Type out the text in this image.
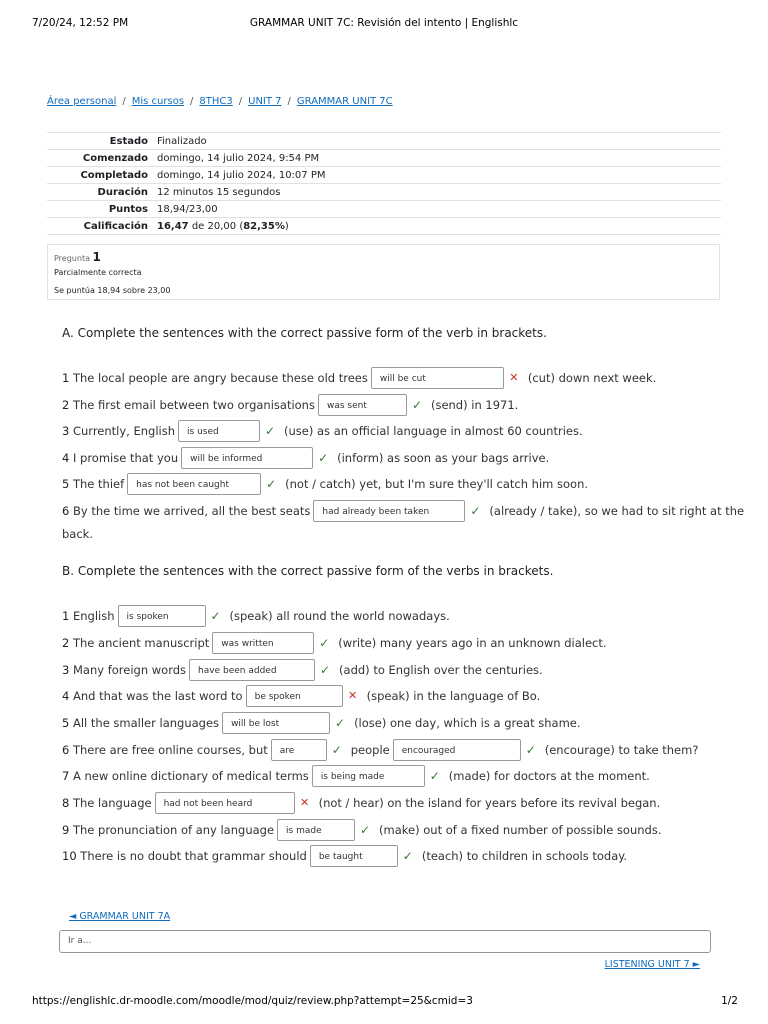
7/20/24, 12:52 PM	GRAMMAR UNIT 7C: Revisión del intento | Englishlc
Área personal / Mis cursos / 8THC3 / UNIT 7 / GRAMMAR UNIT 7C
Estado	Finalizado
Comenzado	domingo, 14 julio 2024, 9:54 PM
Completado	domingo, 14 julio 2024, 10:07 PM
Duración	12 minutos 15 segundos
Puntos	18,94/23,00
Calificación	16,47 de 20,00 (82,35%)
Pregunta 1
Parcialmente correcta
Se puntúa 18,94 sobre 23,00
A. Complete the sentences with the correct passive form of the verb in brackets.
1 The local people are angry because these old trees will be cut	✕ (cut) down next week.
2 The first email between two organisations was sent	✓ (send) in 1971.
3 Currently, English is used	✓ (use) as an official language in almost 60 countries.
4 I promise that you will be informed	✓ (inform) as soon as your bags arrive.
5 The thief has not been caught	✓ (not / catch) yet, but I'm sure they'll catch him soon.
6 By the time we arrived, all the best seats had already been taken	✓ (already / take), so we had to sit right at the
back.
B. Complete the sentences with the correct passive form of the verbs in brackets.
1 English is spoken	✓ (speak) all round the world nowadays.
2 The ancient manuscript was written	✓ (write) many years ago in an unknown dialect.
3 Many foreign words have been added	✓ (add) to English over the centuries.
4 And that was the last word to be spoken	✕ (speak) in the language of Bo.
5 All the smaller languages will be lost	✓ (lose) one day, which is a great shame.
6 There are free online courses, but are	✓ people encouraged	✓ (encourage) to take them?
7 A new online dictionary of medical terms is being made	✓ (made) for doctors at the moment.
8 The language had not been heard	✕ (not / hear) on the island for years before its revival began.
9 The pronunciation of any language is made	✓ (make) out of a fixed number of possible sounds.
10 There is no doubt that grammar should be taught	✓ (teach) to children in schools today.
◄ GRAMMAR UNIT 7A
Ir a...
LISTENING UNIT 7 ►
https://englishlc.dr-moodle.com/moodle/mod/quiz/review.php?attempt=25&cmid=3	1/2
